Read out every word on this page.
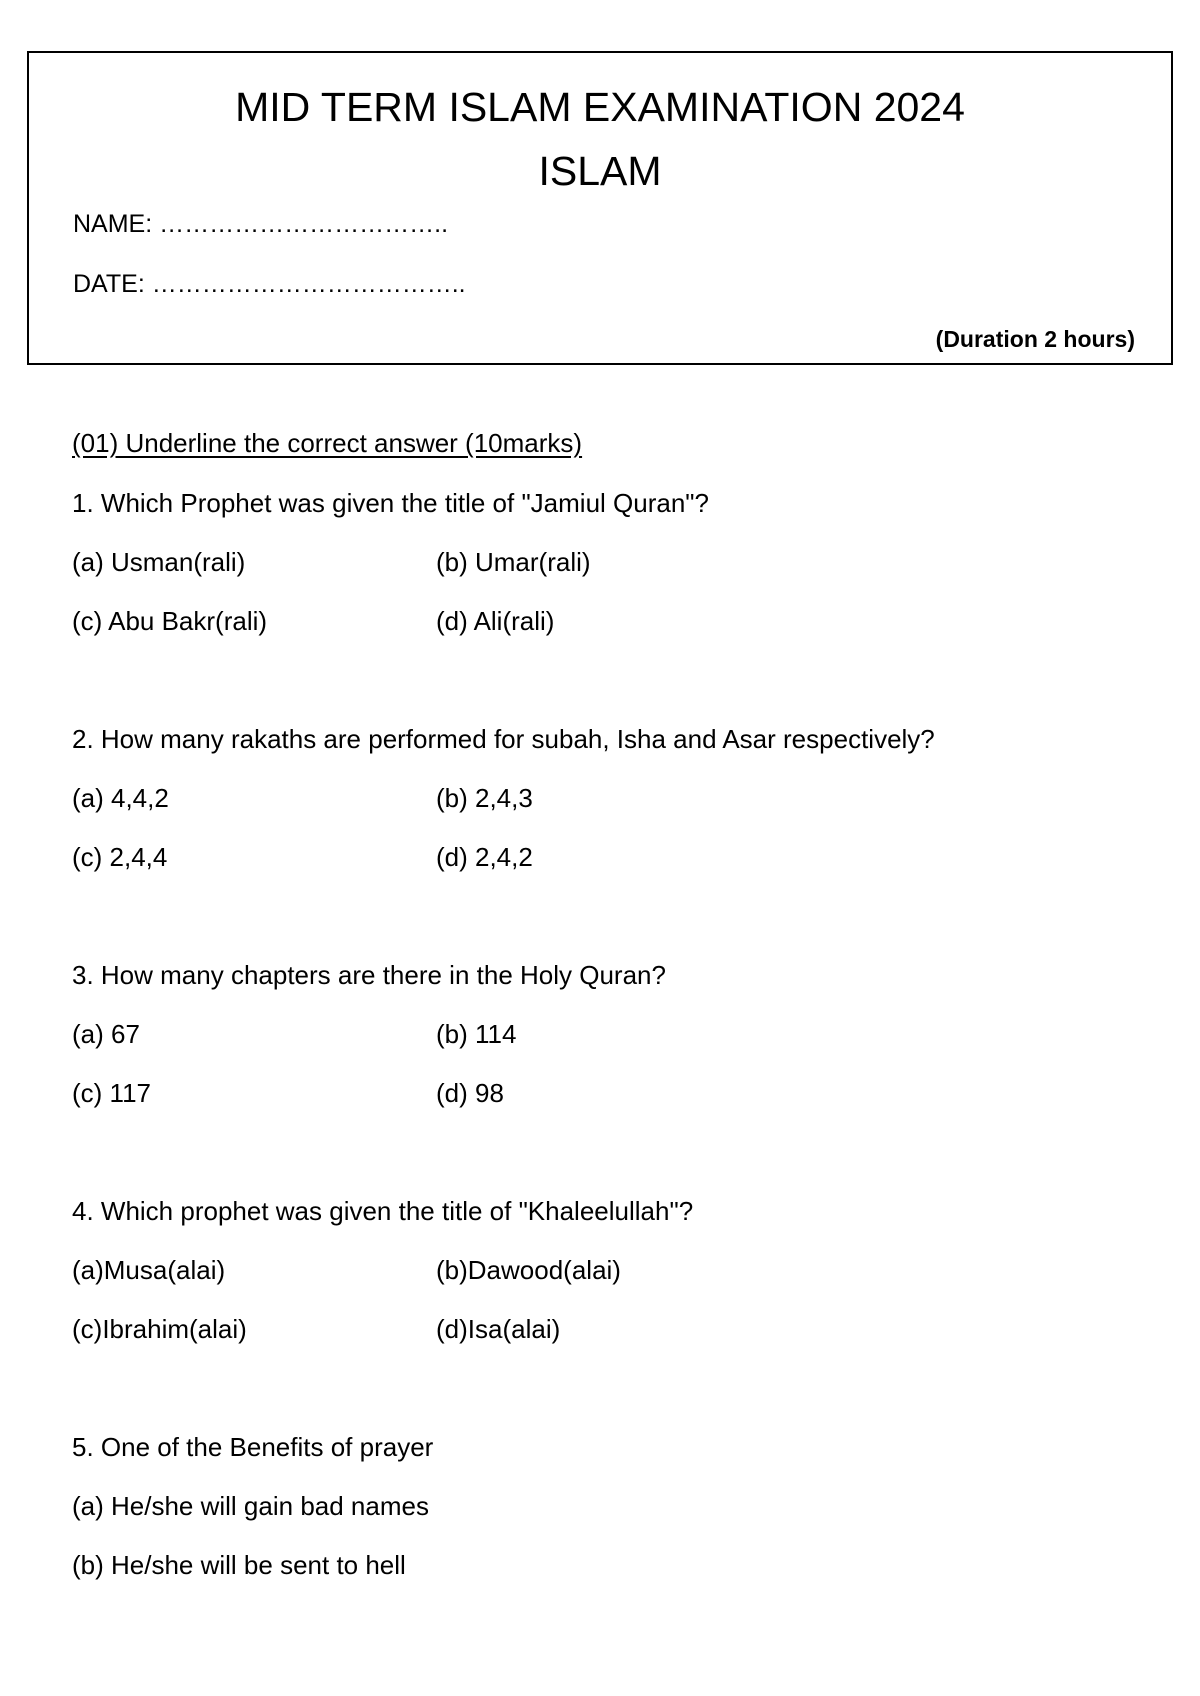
MID TERM ISLAM EXAMINATION 2024
ISLAM
NAME: ……………………………..
DATE: ………………………………..
(Duration 2 hours)
(01) Underline the correct answer (10marks)
1. Which Prophet was given the title of "Jamiul Quran"?
(a) Usman(rali)	(b) Umar(rali)
(c) Abu Bakr(rali)	(d) Ali(rali)
2. How many rakaths are performed for subah, Isha and Asar respectively?
(a) 4,4,2	(b) 2,4,3
(c) 2,4,4	(d) 2,4,2
3. How many chapters are there in the Holy Quran?
(a) 67	(b) 114
(c) 117	(d) 98
4. Which prophet was given the title of "Khaleelullah"?
(a)Musa(alai)	(b)Dawood(alai)
(c)Ibrahim(alai)	(d)Isa(alai)
5. One of the Benefits of prayer
(a) He/she will gain bad names
(b) He/she will be sent to hell
